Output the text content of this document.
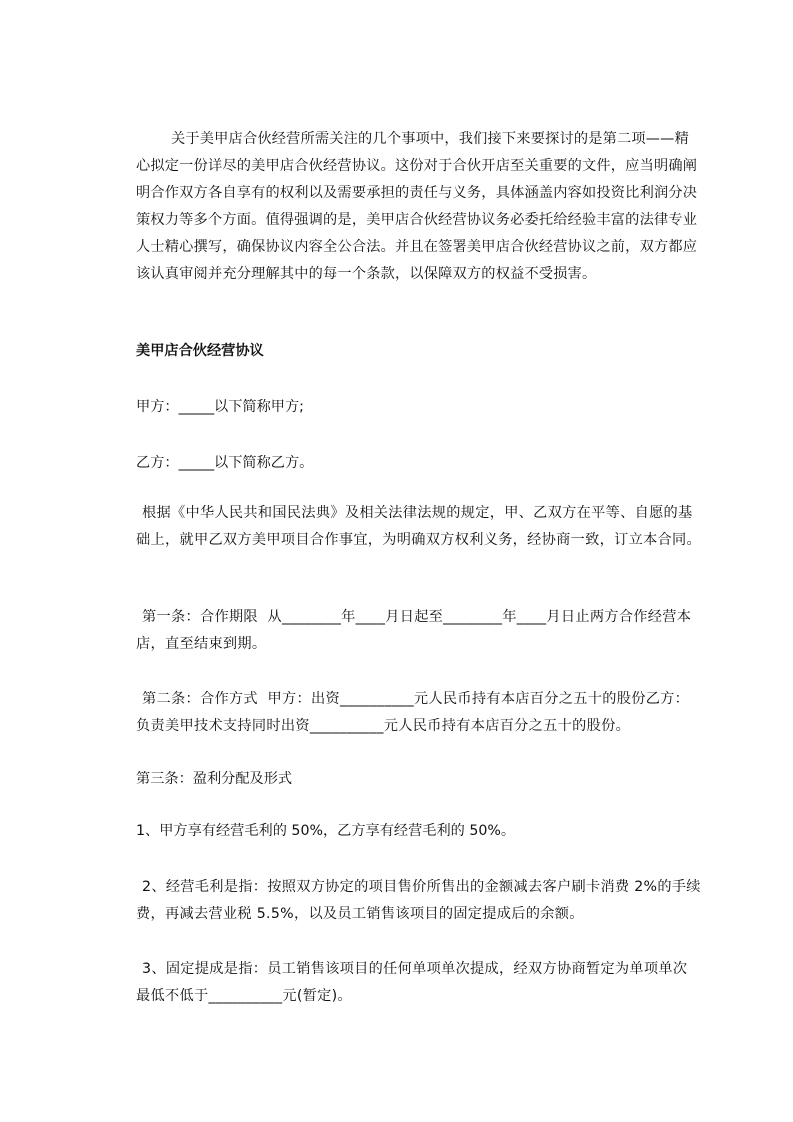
关于美甲店合伙经营所需关注的几个事项中，我们接下来要探讨的是第二项——精心拟定一份详尽的美甲店合伙经营协议。这份对于合伙开店至关重要的文件，应当明确阐明合作双方各自享有的权利以及需要承担的责任与义务，具体涵盖内容如投资比利润分决策权力等多个方面。值得强调的是，美甲店合伙经营协议务必委托给经验丰富的法律专业人士精心撰写，确保协议内容全公合法。并且在签署美甲店合伙经营协议之前，双方都应该认真审阅并充分理解其中的每一个条款，以保障双方的权益不受损害。

美甲店合伙经营协议

甲方：_____以下简称甲方;

乙方：_____以下简称乙方。

根据《中华人民共和国民法典》及相关法律法规的规定，甲、乙双方在平等、自愿的基础上，就甲乙双方美甲项目合作事宜，为明确双方权利义务，经协商一致，订立本合同。

第一条：合作期限  从________年____月日起至________年____月日止两方合作经营本店，直至结束到期。

第二条：合作方式  甲方：出资__________元人民币持有本店百分之五十的股份乙方：负责美甲技术支持同时出资__________元人民币持有本店百分之五十的股份。

第三条：盈利分配及形式

1、甲方享有经营毛利的 50%，乙方享有经营毛利的 50%。

2、经营毛利是指：按照双方协定的项目售价所售出的金额减去客户刷卡消费 2%的手续费，再减去营业税 5.5%，以及员工销售该项目的固定提成后的余额。

3、固定提成是指：员工销售该项目的任何单项单次提成，经双方协商暂定为单项单次最低不低于__________元(暂定)。
